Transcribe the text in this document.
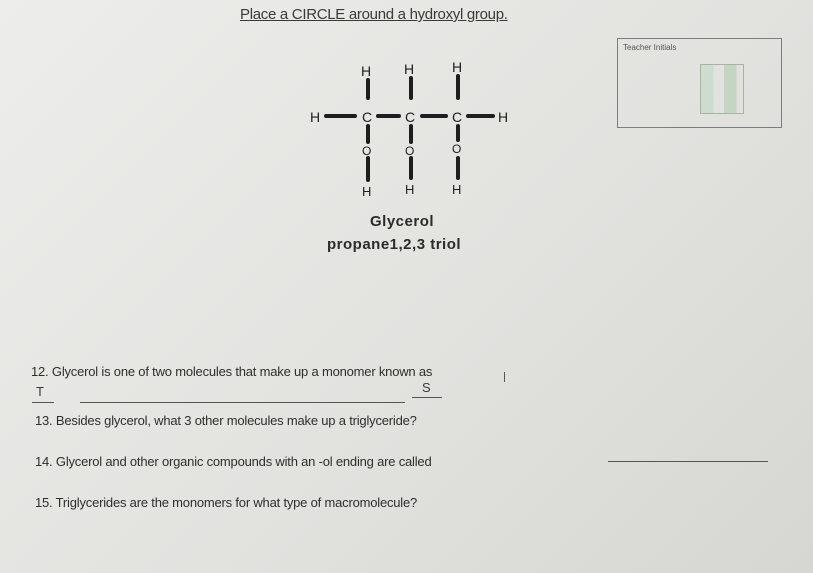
Place a CIRCLE around a hydroxyl group.
Teacher Initials
H H	H
H	C C	C	H
O	O	O
H	H	H
Glycerol
propane1,2,3 triol
12. Glycerol is one of two molecules that make up a monomer known as
T	S
13. Besides glycerol, what 3 other molecules make up a triglyceride?
14. Glycerol and other organic compounds with an -ol ending are called
15. Triglycerides are the monomers for what type of macromolecule?
